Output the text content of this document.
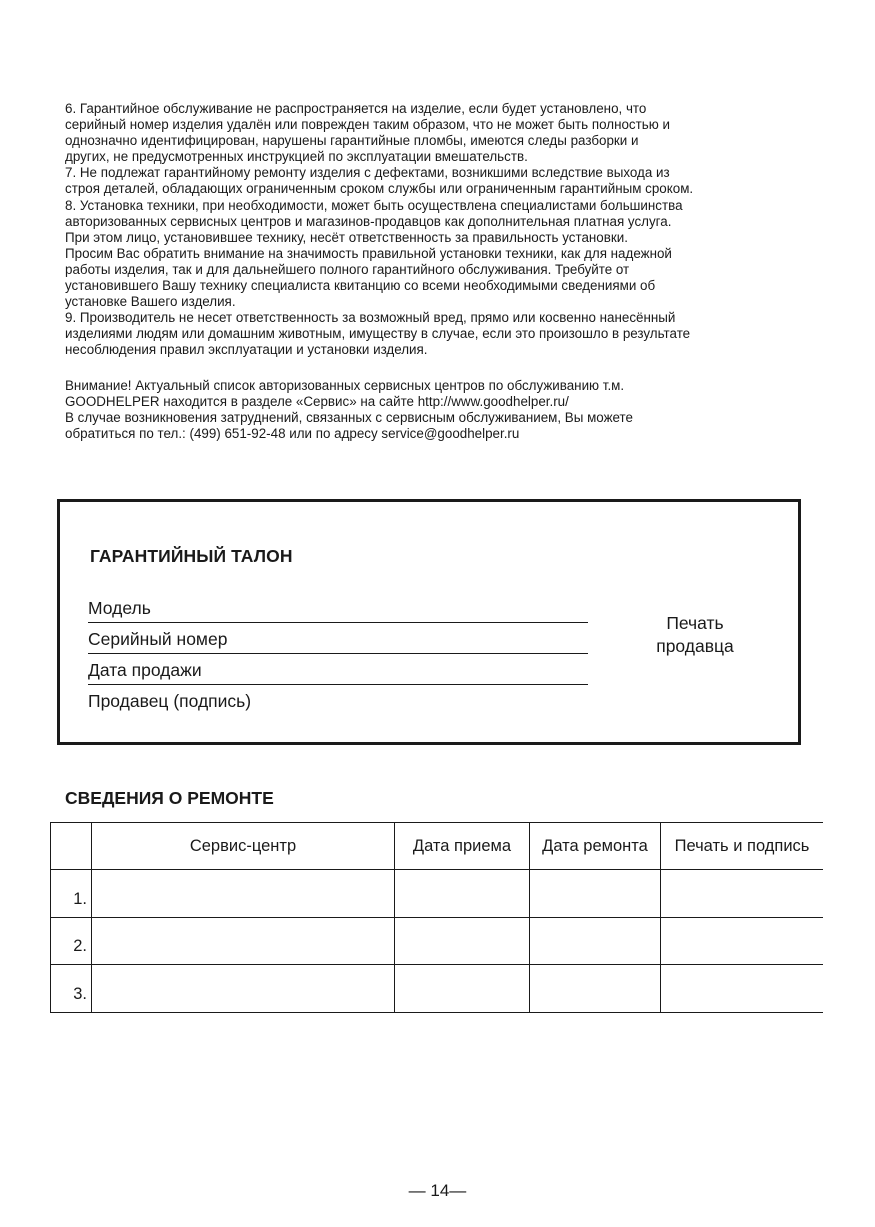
6. Гарантийное обслуживание не распространяется на изделие, если будет установлено, что

серийный номер изделия удалён или поврежден таким образом, что не может быть полностью и

однозначно идентифицирован, нарушены гарантийные пломбы, имеются следы разборки и

других, не предусмотренных инструкцией по эксплуатации вмешательств.

7. Не подлежат гарантийному ремонту изделия с дефектами, возникшими вследствие выхода из

строя деталей, обладающих ограниченным сроком службы или ограниченным гарантийным сроком.

8. Установка техники, при необходимости, может быть осуществлена специалистами большинства

авторизованных сервисных центров и магазинов-продавцов как дополнительная платная услуга.

При этом лицо, установившее технику, несёт ответственность за правильность установки.

Просим Вас обратить внимание на значимость правильной установки техники, как для надежной

работы изделия, так и для дальнейшего полного гарантийного обслуживания. Требуйте от

установившего Вашу технику специалиста квитанцию со всеми необходимыми сведениями об

установке Вашего изделия.

9. Производитель не несет ответственность за возможный вред, прямо или косвенно нанесённый

изделиями людям или домашним животным, имуществу в случае, если это произошло в результате

несоблюдения правил эксплуатации и установки изделия.

Внимание! Актуальный список авторизованных сервисных центров по обслуживанию т.м.

GOODHELPER находится в разделе «Сервис» на сайте http://www.goodhelper.ru/

В случае возникновения затруднений, связанных с сервисным обслуживанием, Вы можете

обратиться по тел.: (499) 651-92-48 или по адресу service@goodhelper.ru

ГАРАНТИЙНЫЙ ТАЛОН
Модель
Серийный номер
Дата продажи
Продавец (подпись)
Печать
продавца
СВЕДЕНИЯ О РЕМОНТЕ
	Сервис-центр	Дата приема	Дата ремонта	Печать и подпись
1.				
2.				
3.				
— 14—
